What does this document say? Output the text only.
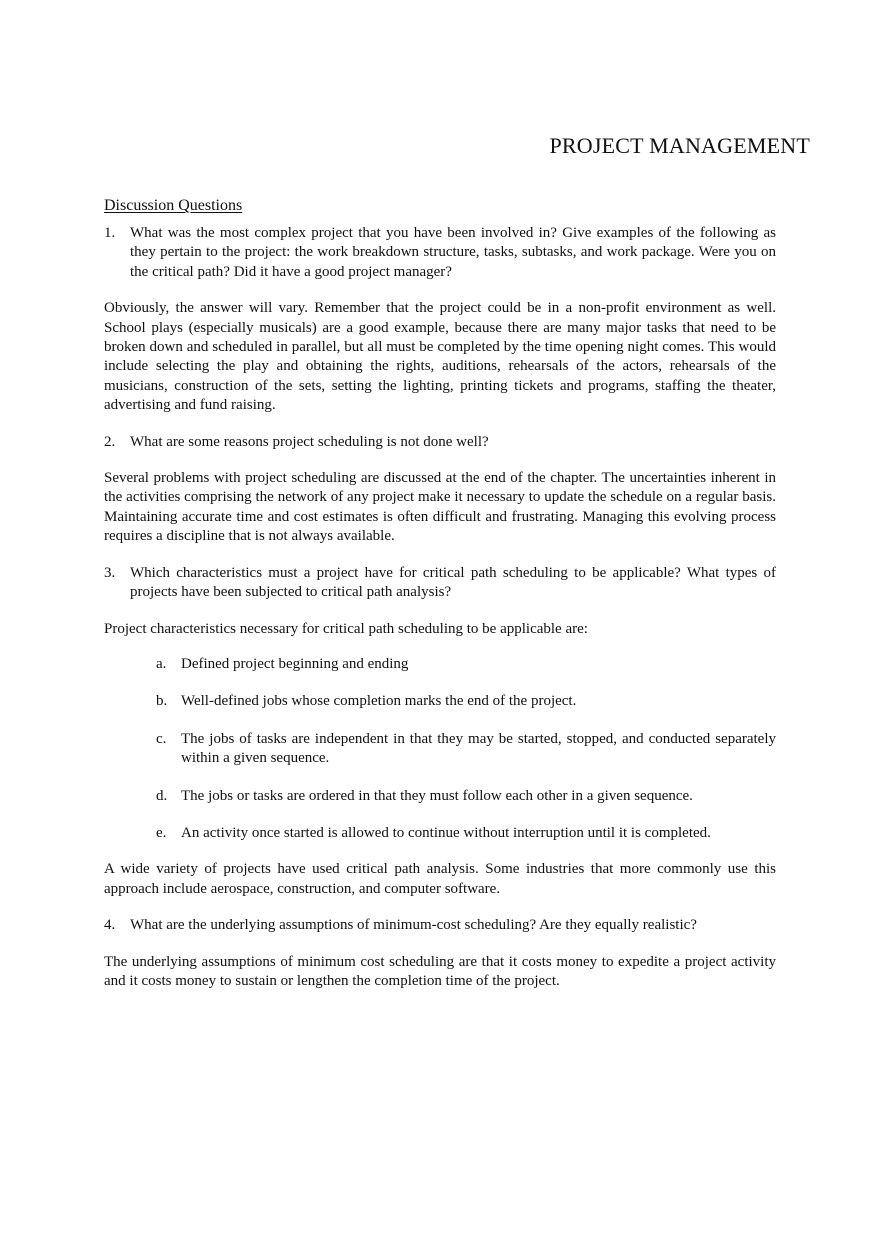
PROJECT MANAGEMENT
Discussion Questions
1. What was the most complex project that you have been involved in? Give examples of the following as they pertain to the project: the work breakdown structure, tasks, subtasks, and work package. Were you on the critical path? Did it have a good project manager?

Obviously, the answer will vary. Remember that the project could be in a non-profit environment as well. School plays (especially musicals) are a good example, because there are many major tasks that need to be broken down and scheduled in parallel, but all must be completed by the time opening night comes. This would include selecting the play and obtaining the rights, auditions, rehearsals of the actors, rehearsals of the musicians, construction of the sets, setting the lighting, printing tickets and programs, staffing the theater, advertising and fund raising.

2. What are some reasons project scheduling is not done well?

Several problems with project scheduling are discussed at the end of the chapter. The uncertainties inherent in the activities comprising the network of any project make it necessary to update the schedule on a regular basis. Maintaining accurate time and cost estimates is often difficult and frustrating. Managing this evolving process requires a discipline that is not always available.

3. Which characteristics must a project have for critical path scheduling to be applicable? What types of projects have been subjected to critical path analysis?

Project characteristics necessary for critical path scheduling to be applicable are:

a. Defined project beginning and ending
b. Well-defined jobs whose completion marks the end of the project.
c. The jobs of tasks are independent in that they may be started, stopped, and conducted separately within a given sequence.
d. The jobs or tasks are ordered in that they must follow each other in a given sequence.
e. An activity once started is allowed to continue without interruption until it is completed.

A wide variety of projects have used critical path analysis. Some industries that more commonly use this approach include aerospace, construction, and computer software.

4. What are the underlying assumptions of minimum-cost scheduling? Are they equally realistic?

The underlying assumptions of minimum cost scheduling are that it costs money to expedite a project activity and it costs money to sustain or lengthen the completion time of the project.
